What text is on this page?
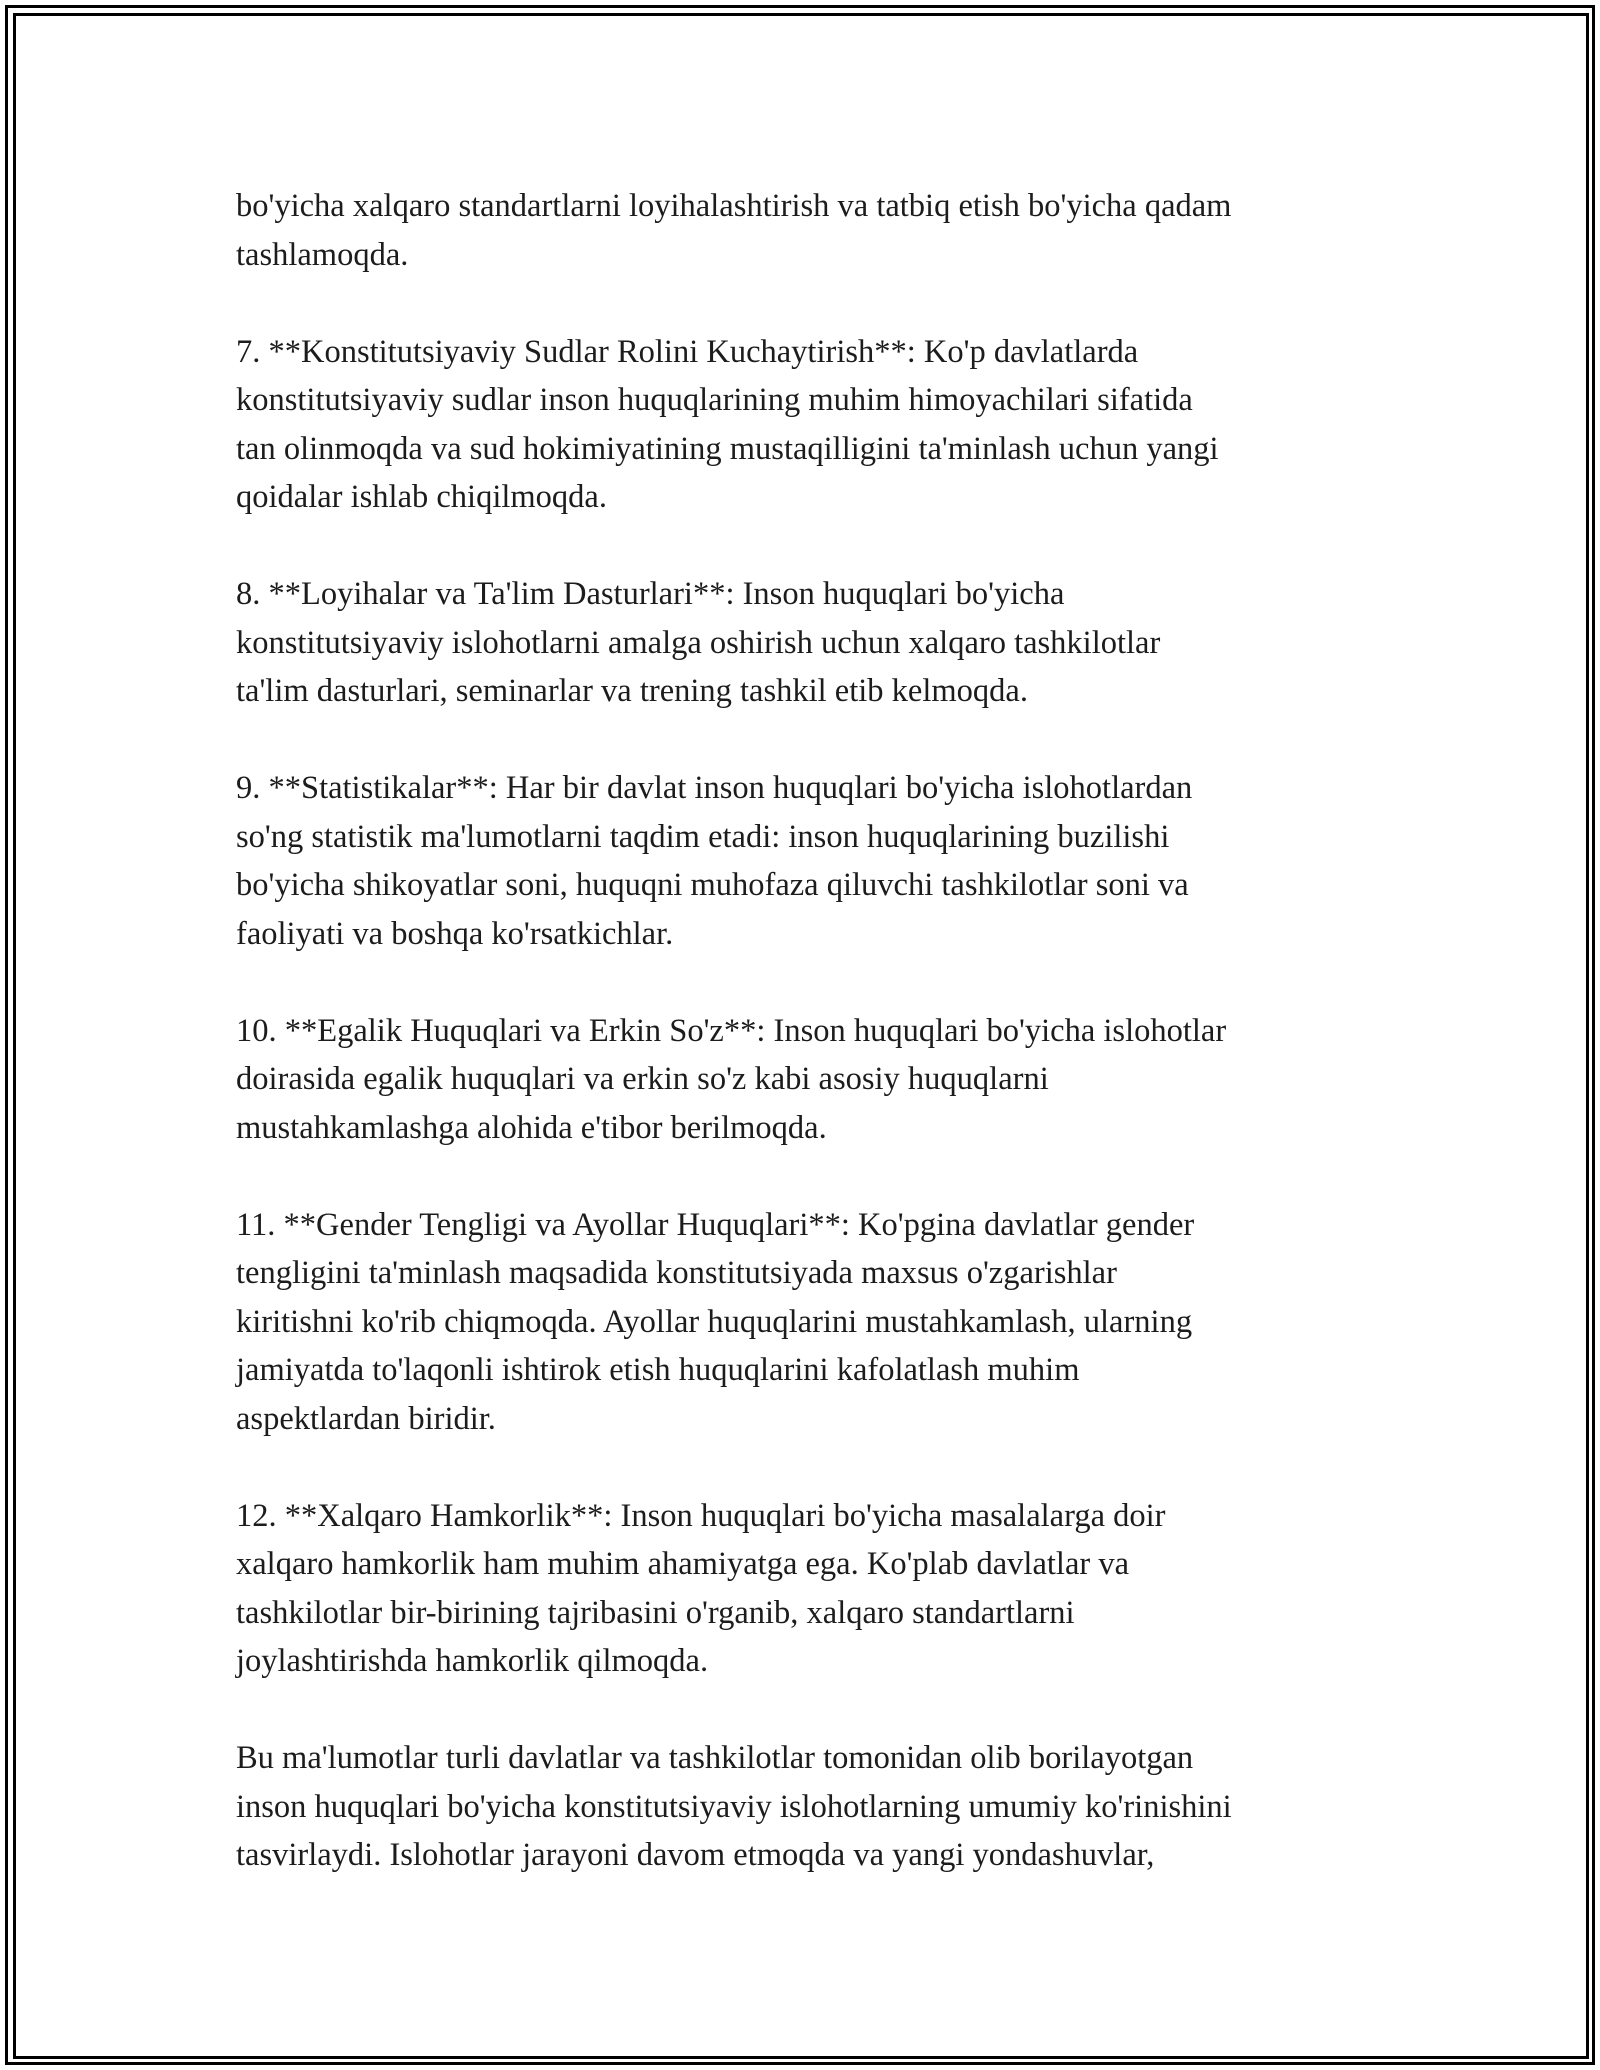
bo'yicha xalqaro standartlarni loyihalashtirish va tatbiq etish bo'yicha qadam
tashlamoqda.

7. **Konstitutsiyaviy Sudlar Rolini Kuchaytirish**: Ko'p davlatlarda
konstitutsiyaviy sudlar inson huquqlarining muhim himoyachilari sifatida
tan olinmoqda va sud hokimiyatining mustaqilligini ta'minlash uchun yangi
qoidalar ishlab chiqilmoqda.

8. **Loyihalar va Ta'lim Dasturlari**: Inson huquqlari bo'yicha
konstitutsiyaviy islohotlarni amalga oshirish uchun xalqaro tashkilotlar
ta'lim dasturlari, seminarlar va trening tashkil etib kelmoqda.

9. **Statistikalar**: Har bir davlat inson huquqlari bo'yicha islohotlardan
so'ng statistik ma'lumotlarni taqdim etadi: inson huquqlarining buzilishi
bo'yicha shikoyatlar soni, huquqni muhofaza qiluvchi tashkilotlar soni va
faoliyati va boshqa ko'rsatkichlar.

10. **Egalik Huquqlari va Erkin So'z**: Inson huquqlari bo'yicha islohotlar
doirasida egalik huquqlari va erkin so'z kabi asosiy huquqlarni
mustahkamlashga alohida e'tibor berilmoqda.

11. **Gender Tengligi va Ayollar Huquqlari**: Ko'pgina davlatlar gender
tengligini ta'minlash maqsadida konstitutsiyada maxsus o'zgarishlar
kiritishni ko'rib chiqmoqda. Ayollar huquqlarini mustahkamlash, ularning
jamiyatda to'laqonli ishtirok etish huquqlarini kafolatlash muhim
aspektlardan biridir.

12. **Xalqaro Hamkorlik**: Inson huquqlari bo'yicha masalalarga doir
xalqaro hamkorlik ham muhim ahamiyatga ega. Ko'plab davlatlar va
tashkilotlar bir-birining tajribasini o'rganib, xalqaro standartlarni
joylashtirishda hamkorlik qilmoqda.

Bu ma'lumotlar turli davlatlar va tashkilotlar tomonidan olib borilayotgan
inson huquqlari bo'yicha konstitutsiyaviy islohotlarning umumiy ko'rinishini
tasvirlaydi. Islohotlar jarayoni davom etmoqda va yangi yondashuvlar,
